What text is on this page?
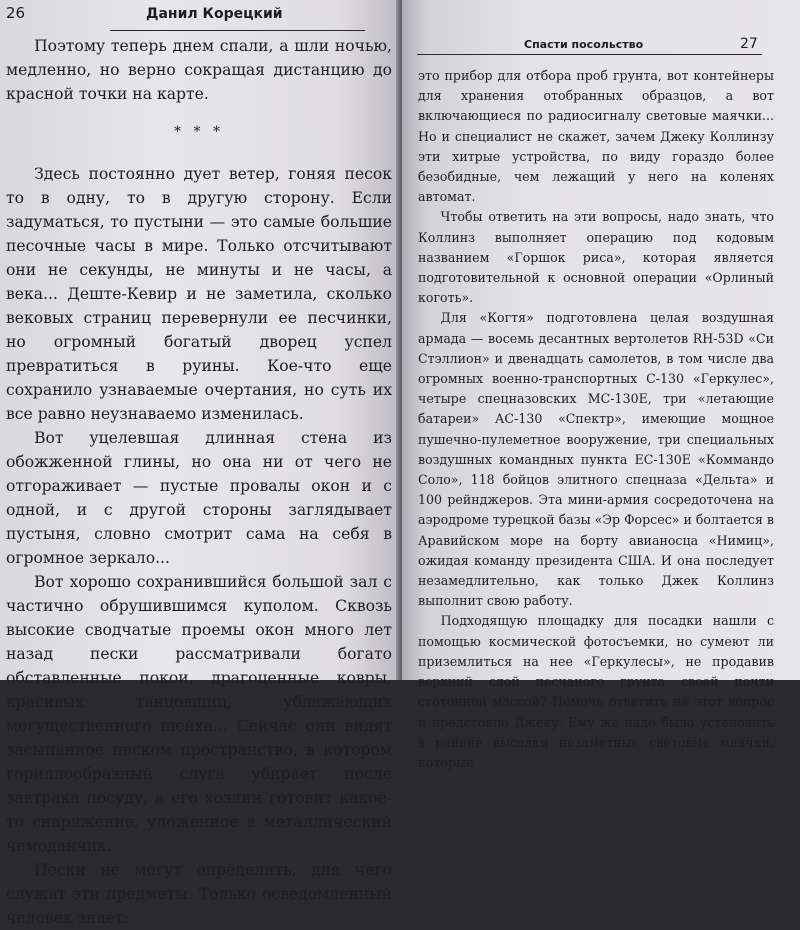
26	Данил Корецкий

Поэтому теперь днем спали, а шли ночью, медленно, но верно сокращая дистанцию до красной точки на карте.

* * *

Здесь постоянно дует ветер, гоняя песок то в одну, то в другую сторону. Если задуматься, то пустыни — это самые большие песочные часы в мире. Только отсчитывают они не секунды, не минуты и не часы, а века... Деште-Кевир и не заметила, сколько вековых страниц перевернули ее песчинки, но огромный богатый дворец успел превратиться в руины. Кое-что еще сохранило узнаваемые очертания, но суть их все равно неузнаваемо изменилась.

Вот уцелевшая длинная стена из обожженной глины, но она ни от чего не отгораживает — пустые провалы окон и с одной, и с другой стороны заглядывает пустыня, словно смотрит сама на себя в огромное зеркало...

Вот хорошо сохранившийся большой зал с частично обрушившимся куполом. Сквозь высокие сводчатые проемы окон много лет назад пески рассматривали богато обставленные покои, драгоценные ковры, красивых танцовщиц, ублажающих могущественного шейха... Сейчас они видят засыпанное песком пространство, в котором гориллообразный слуга убирает после завтрака посуду, а его хозяин готовит какое-то снаряжение, уложенное в металлический чемоданчик.

Пески не могут определить, для чего служат эти предметы. Только осведомленный человек знает:

Спасти посольство	27

это прибор для отбора проб грунта, вот контейнеры для хранения отобранных образцов, а вот включающиеся по радиосигналу световые маячки... Но и специалист не скажет, зачем Джеку Коллинзу эти хитрые устройства, по виду гораздо более безобидные, чем лежащий у него на коленях автомат.

Чтобы ответить на эти вопросы, надо знать, что Коллинз выполняет операцию под кодовым названием «Горшок риса», которая является подготовительной к основной операции «Орлиный коготь».

Для «Когтя» подготовлена целая воздушная армада — восемь десантных вертолетов RH-53D «Си Стэллион» и двенадцать самолетов, в том числе два огромных военно-транспортных С-130 «Геркулес», четыре спецназовских МС-130Е, три «летающие батареи» АС-130 «Спектр», имеющие мощное пушечно-пулеметное вооружение, три специальных воздушных командных пункта ЕС-130Е «Коммандо Соло», 118 бойцов элитного спецназа «Дельта» и 100 рейнджеров. Эта мини-армия сосредоточена на аэродроме турецкой базы «Эр Форсес» и болтается в Аравийском море на борту авианосца «Нимиц», ожидая команду президента США. И она последует незамедлительно, как только Джек Коллинз выполнит свою работу.

Подходящую площадку для посадки нашли с помощью космической фотосъемки, но сумеют ли приземлиться на нее «Геркулесы», не продавив верхний слой песчаного грунта своей почти стотонной массой? Помочь ответить на этот вопрос и предстояло Джеку. Ему же надо было установить в районе высадки незаметные световые маячки, которые
